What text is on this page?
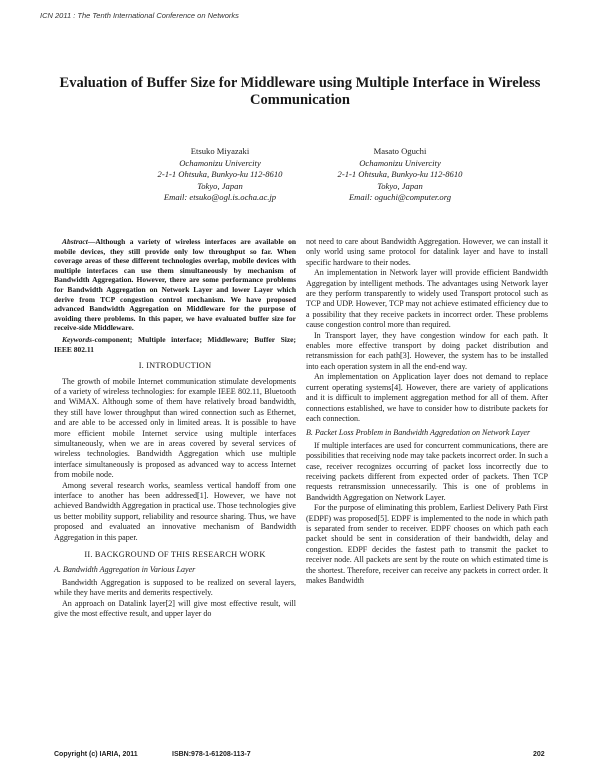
ICN 2011 : The Tenth International Conference on Networks
Evaluation of Buffer Size for Middleware using Multiple Interface in Wireless
Communication
Etsuko Miyazaki
Ochamonizu Univercity
2-1-1 Ohtsuka, Bunkyo-ku 112-8610
Tokyo, Japan
Email: etsuko@ogl.is.ocha.ac.jp
Masato Oguchi
Ochamonizu Univercity
2-1-1 Ohtsuka, Bunkyo-ku 112-8610
Tokyo, Japan
Email: oguchi@computer.org

Abstract—Although a variety of wireless interfaces are available on mobile devices, they still provide only low throughput so far. When coverage areas of these different technologies overlap, mobile devices with multiple interfaces can use them simultaneously by mechanism of Bandwidth Aggregation. However, there are some performance problems for Bandwidth Aggregation on Network Layer and lower Layer which derive from TCP congestion control mechanism. We have proposed advanced Bandwidth Aggregation on Middleware for the purpose of avoiding there problems. In this paper, we have evaluated buffer size for receive-side Middleware.

Keywords-component; Multiple interface; Middleware; Buffer Size; IEEE 802.11

I. INTRODUCTION

The growth of mobile Internet communication stimulate developments of a variety of wireless technologies: for example IEEE 802.11, Bluetooth and WiMAX. Although some of them have relatively broad bandwidth, they still have lower throughput than wired connection such as Ethernet, and are able to be accessed only in limited areas. It is possible to have more efficient mobile Internet service using multiple interfaces simultaneously, when we are in areas covered by several services of wireless technologies. Bandwidth Aggregation which use multiple interface simultaneously is proposed as advanced way to access Internet from mobile node.

Among several research works, seamless vertical handoff from one interface to another has been addressed[1]. However, we have not achieved Bandwidth Aggregation in practical use. Those technologies give us better mobility support, reliability and resource sharing. Thus, we have proposed and evaluated an innovative mechanism of Bandwidth Aggregation in this paper.

II. BACKGROUND OF THIS RESEARCH WORK
A. Bandwidth Aggregation in Various Layer

Bandwidth Aggregation is supposed to be realized on several layers, while they have merits and demerits respectively.

An approach on Datalink layer[2] will give most effective result, will give the most effective result, and upper layer do

not need to care about Bandwidth Aggregation. However, we can install it only world using same protocol for datalink layer and have to install specific hardware to their nodes.

An implementation in Network layer will provide efficient Bandwidth Aggregation by intelligent methods. The advantages using Network layer are they perform transparently to widely used Transport protocol such as TCP and UDP. However, TCP may not achieve estimated efficiency due to a possibility that they receive packets in incorrect order. These problems cause congestion control more than required.

In Transport layer, they have congestion window for each path. It enables more effective transport by doing packet distribution and retransmission for each path[3]. However, the system has to be installed into each operation system in all the end-end way.

An implementation on Application layer does not demand to replace current operating systems[4]. However, there are variety of applications and it is difficult to implement aggregation method for all of them. After connections established, we have to consider how to distribute packets for each connection.

B. Packet Loss Problem in Bandwidth Aggredation on Network Layer

If multiple interfaces are used for concurrent communications, there are possibilities that receiving node may take packets incorrect order. In such a case, receiver recognizes occurring of packet loss incorrectly due to receiving packets different from expected order of packets. Then TCP requests retransmission unnecessarily. This is one of problems in Bandwidth Aggregation on Network Layer.

For the purpose of eliminating this problem, Earliest Delivery Path First (EDPF) was proposed[5]. EDPF is implemented to the node in which path is separated from sender to receiver. EDPF chooses on which path each packet should be sent in consideration of their bandwidth, delay and congestion. EDPF decides the fastest path to transmit the packet to receiver node. All packets are sent by the route on which estimated time is the shortest. Therefore, receiver can receive any packets in correct order. It makes Bandwidth

Copyright (c) IARIA, 2011	ISBN:978-1-61208-113-7	202
